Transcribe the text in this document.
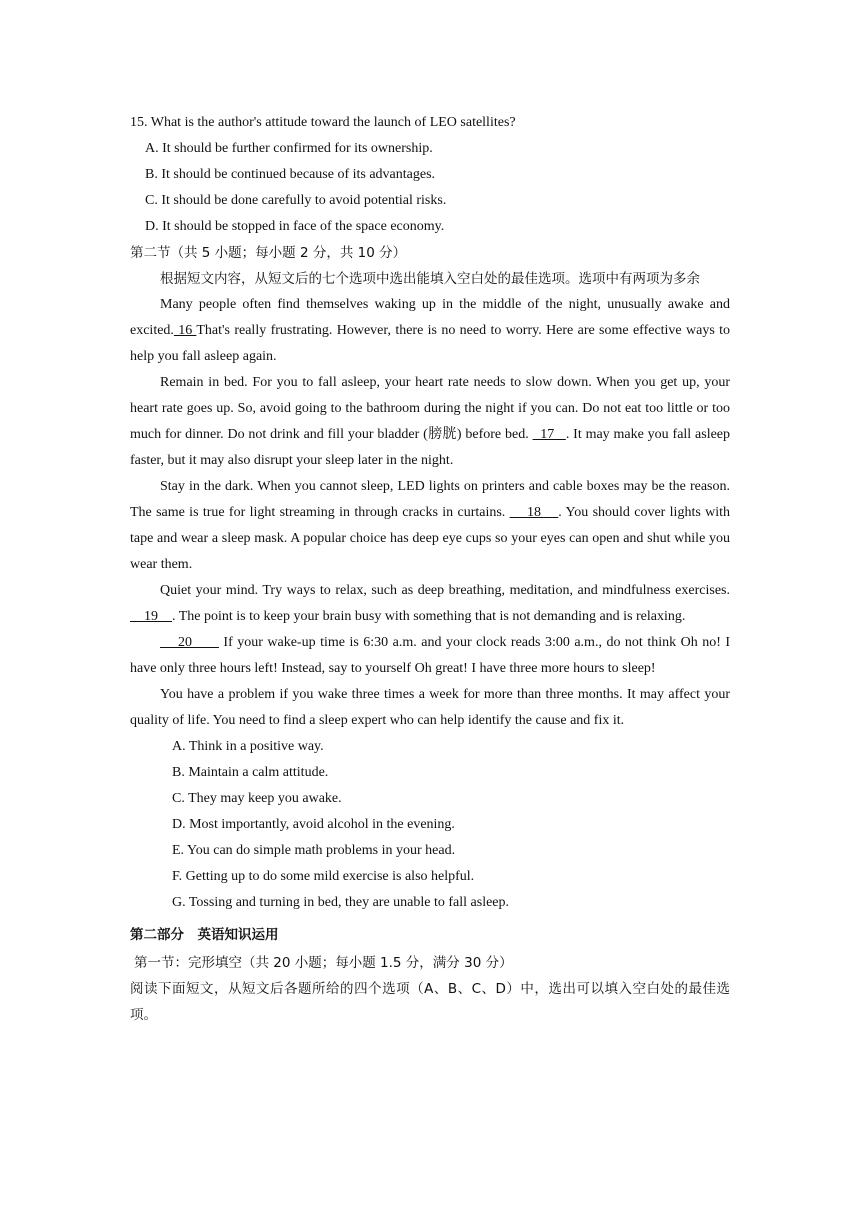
15. What is the author's attitude toward the launch of LEO satellites?
A. It should be further confirmed for its ownership.
B. It should be continued because of its advantages.
C. It should be done carefully to avoid potential risks.
D. It should be stopped in face of the space economy.
第二节（共 5 小题；每小题 2 分，共 10 分）
根据短文内容，从短文后的七个选项中选出能填入空白处的最佳选项。选项中有两项为多余
Many people often find themselves waking up in the middle of the night, unusually awake and excited. 16 That's really frustrating. However, there is no need to worry. Here are some effective ways to help you fall asleep again.
Remain in bed. For you to fall asleep, your heart rate needs to slow down. When you get up, your heart rate goes up. So, avoid going to the bathroom during the night if you can. Do not eat too little or too much for dinner. Do not drink and fill your bladder (膀胱) before bed.   17   . It may make you fall asleep faster, but it may also disrupt your sleep later in the night.
Stay in the dark. When you cannot sleep, LED lights on printers and cable boxes may be the reason. The same is true for light streaming in through cracks in curtains.     18    . You should cover lights with tape and wear a sleep mask. A popular choice has deep eye cups so your eyes can open and shut while you wear them.
Quiet your mind. Try ways to relax, such as deep breathing, meditation, and mindfulness exercises.     19    . The point is to keep your brain busy with something that is not demanding and is relaxing.
20       If your wake-up time is 6:30 a.m. and your clock reads 3:00 a.m., do not think Oh no! I have only three hours left! Instead, say to yourself Oh great! I have three more hours to sleep!
You have a problem if you wake three times a week for more than three months. It may affect your quality of life. You need to find a sleep expert who can help identify the cause and fix it.
A. Think in a positive way.
B. Maintain a calm attitude.
C. They may keep you awake.
D. Most importantly, avoid alcohol in the evening.
E. You can do simple math problems in your head.
F. Getting up to do some mild exercise is also helpful.
G. Tossing and turning in bed, they are unable to fall asleep.
第二部分　英语知识运用
第一节：完形填空（共 20 小题；每小题 1.5 分，满分 30 分）
阅读下面短文，从短文后各题所给的四个选项（A、B、C、D）中，选出可以填入空白处的最佳选项。
